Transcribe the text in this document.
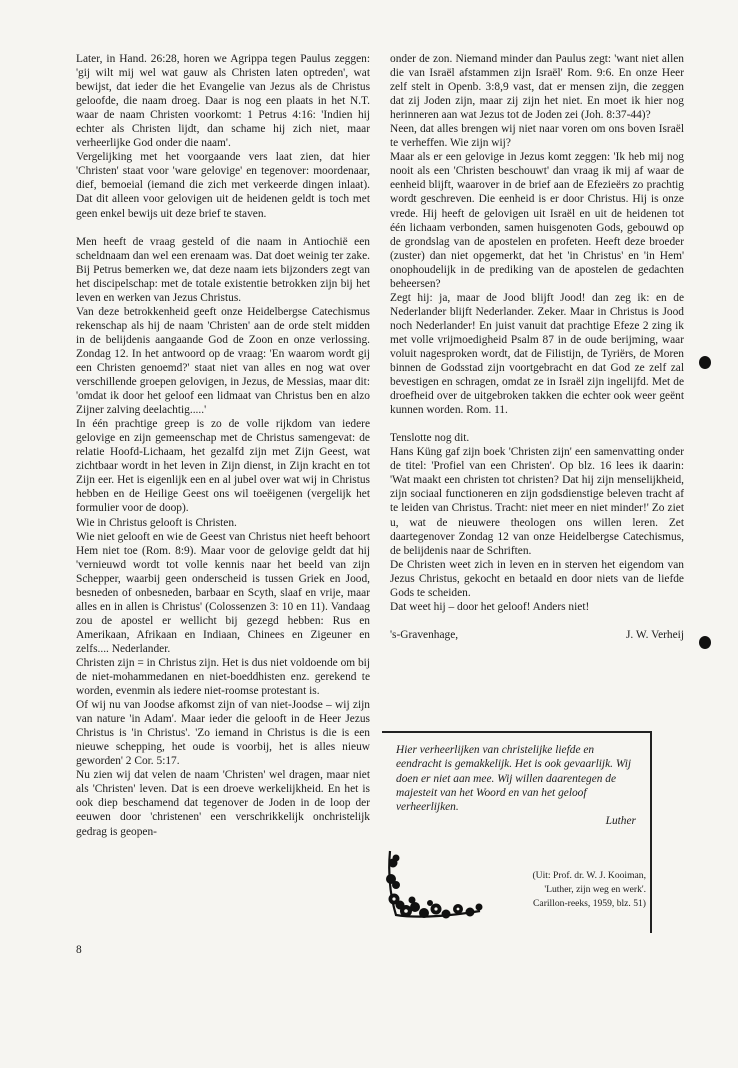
Later, in Hand. 26:28, horen we Agrippa tegen Paulus zeggen: 'gij wilt mij wel wat gauw als Christen laten optreden', wat bewijst, dat ieder die het Evangelie van Jezus als de Christus geloofde, die naam droeg. Daar is nog een plaats in het N.T. waar de naam Christen voorkomt: 1 Petrus 4:16: 'Indien hij echter als Christen lijdt, dan schame hij zich niet, maar verheerlijke God onder die naam'.

Vergelijking met het voorgaande vers laat zien, dat hier 'Christen' staat voor 'ware gelovige' en tegenover: moordenaar, dief, bemoeial (iemand die zich met verkeerde dingen inlaat). Dat dit alleen voor gelovigen uit de heidenen geldt is toch met geen enkel bewijs uit deze brief te staven.

Men heeft de vraag gesteld of die naam in Antiochië een scheldnaam dan wel een erenaam was. Dat doet weinig ter zake. Bij Petrus bemerken we, dat deze naam iets bijzonders zegt van het discipelschap: met de totale existentie betrokken zijn bij het leven en werken van Jezus Christus.

Van deze betrokkenheid geeft onze Heidelbergse Catechismus rekenschap als hij de naam 'Christen' aan de orde stelt midden in de belijdenis aangaande God de Zoon en onze verlossing. Zondag 12. In het antwoord op de vraag: 'En waarom wordt gij een Christen genoemd?' staat niet van alles en nog wat over verschillende groepen gelovigen, in Jezus, de Messias, maar dit: 'omdat ik door het geloof een lidmaat van Christus ben en alzo Zijner zalving deelachtig.....'

In één prachtige greep is zo de volle rijkdom van iedere gelovige en zijn gemeenschap met de Christus samengevat: de relatie Hoofd-Lichaam, het gezalfd zijn met Zijn Geest, wat zichtbaar wordt in het leven in Zijn dienst, in Zijn kracht en tot Zijn eer. Het is eigenlijk een en al jubel over wat wij in Christus hebben en de Heilige Geest ons wil toeëigenen (vergelijk het formulier voor de doop).

Wie in Christus gelooft is Christen.

Wie niet gelooft en wie de Geest van Christus niet heeft behoort Hem niet toe (Rom. 8:9). Maar voor de gelovige geldt dat hij 'vernieuwd wordt tot volle kennis naar het beeld van zijn Schepper, waarbij geen onderscheid is tussen Griek en Jood, besneden of onbesneden, barbaar en Scyth, slaaf en vrije, maar alles en in allen is Christus' (Colossenzen 3: 10 en 11). Vandaag zou de apostel er wellicht bij gezegd hebben: Rus en Amerikaan, Afrikaan en Indiaan, Chinees en Zigeuner en zelfs.... Nederlander.

Christen zijn = in Christus zijn. Het is dus niet voldoende om bij de niet-mohammedanen en niet-boeddhisten enz. gerekend te worden, evenmin als iedere niet-roomse protestant is.

Of wij nu van Joodse afkomst zijn of van niet-Joodse – wij zijn van nature 'in Adam'. Maar ieder die gelooft in de Heer Jezus Christus is 'in Christus'. 'Zo iemand in Christus is die is een nieuwe schepping, het oude is voorbij, het is alles nieuw geworden' 2 Cor. 5:17.

Nu zien wij dat velen de naam 'Christen' wel dragen, maar niet als 'Christen' leven. Dat is een droeve werkelijkheid. En het is ook diep beschamend dat tegenover de Joden in de loop der eeuwen door 'christenen' een verschrikkelijk onchristelijk gedrag is geopen-

onder de zon. Niemand minder dan Paulus zegt: 'want niet allen die van Israël afstammen zijn Israël' Rom. 9:6. En onze Heer zelf stelt in Openb. 3:8,9 vast, dat er mensen zijn, die zeggen dat zij Joden zijn, maar zij zijn het niet. En moet ik hier nog herinneren aan wat Jezus tot de Joden zei (Joh. 8:37-44)?

Neen, dat alles brengen wij niet naar voren om ons boven Israël te verheffen. Wie zijn wij?

Maar als er een gelovige in Jezus komt zeggen: 'Ik heb mij nog nooit als een 'Christen beschouwt' dan vraag ik mij af waar de eenheid blijft, waarover in de brief aan de Efezieërs zo prachtig wordt geschreven. Die eenheid is er door Christus. Hij is onze vrede. Hij heeft de gelovigen uit Israël en uit de heidenen tot één lichaam verbonden, samen huisgenoten Gods, gebouwd op de grondslag van de apostelen en profeten. Heeft deze broeder (zuster) dan niet opgemerkt, dat het 'in Christus' en 'in Hem' onophoudelijk in de prediking van de apostelen de gedachten beheersen?

Zegt hij: ja, maar de Jood blijft Jood! dan zeg ik: en de Nederlander blijft Nederlander. Zeker. Maar in Christus is Jood noch Nederlander! En juist vanuit dat prachtige Efeze 2 zing ik met volle vrijmoedigheid Psalm 87 in de oude berijming, waar voluit nagesproken wordt, dat de Filistijn, de Tyriërs, de Moren binnen de Godsstad zijn voortgebracht en dat God ze zelf zal bevestigen en schragen, omdat ze in Israël zijn ingelijfd. Met de droefheid over de uitgebroken takken die echter ook weer geënt kunnen worden. Rom. 11.

Tenslotte nog dit.

Hans Küng gaf zijn boek 'Christen zijn' een samenvatting onder de titel: 'Profiel van een Christen'. Op blz. 16 lees ik daarin: 'Wat maakt een christen tot christen? Dat hij zijn menselijkheid, zijn sociaal functioneren en zijn godsdienstige beleven tracht af te leiden van Christus. Tracht: niet meer en niet minder!' Zo ziet u, wat de nieuwere theologen ons willen leren. Zet daartegenover Zondag 12 van onze Heidelbergse Catechismus, de belijdenis naar de Schriften.

De Christen weet zich in leven en in sterven het eigendom van Jezus Christus, gekocht en betaald en door niets van de liefde Gods te scheiden.

Dat weet hij – door het geloof! Anders niet!

's-Gravenhage,	J. W. Verheij

Hier verheerlijken van christelijke liefde en eendracht is gemakkelijk. Het is ook gevaarlijk. Wij doen er niet aan mee. Wij willen daarentegen de majesteit van het Woord en van het geloof verheerlijken.

Luther
(Uit: Prof. dr. W. J. Kooiman,
'Luther, zijn weg en werk'.
Carillon-reeks, 1959, blz. 51)
8
